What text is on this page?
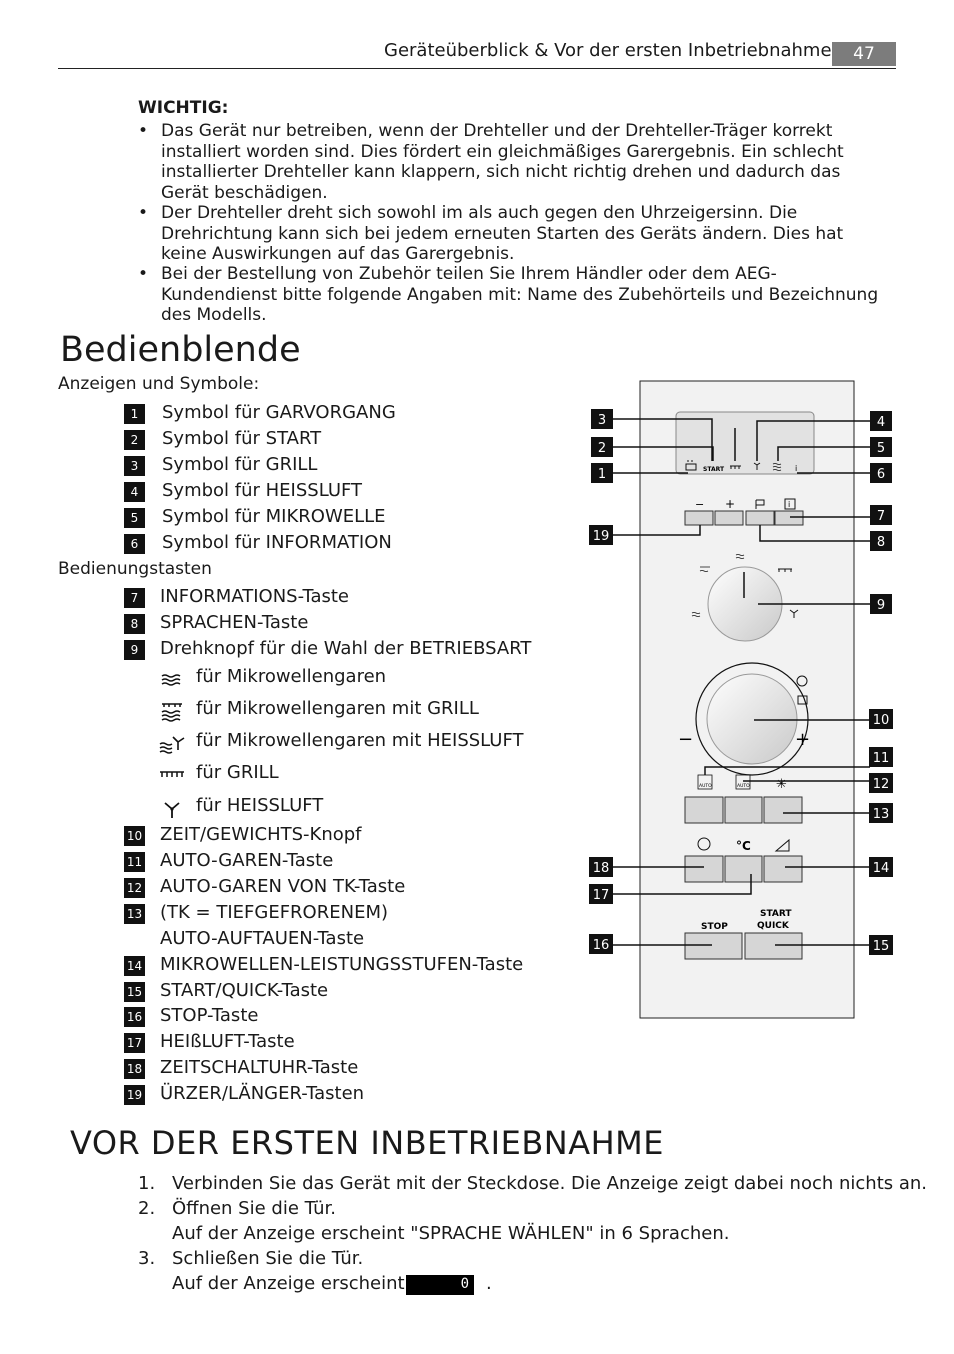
Geräteüberblick & Vor der ersten Inbetriebnahme	47
WICHTIG:
• Das Gerät nur betreiben, wenn der Drehteller und der Drehteller-Träger korrekt
installiert worden sind. Dies fördert ein gleichmäßiges Garergebnis. Ein schlecht
installierter Drehteller kann klappern, sich nicht richtig drehen und dadurch das
Gerät beschädigen.
• Der Drehteller dreht sich sowohl im als auch gegen den Uhrzeigersinn. Die
Drehrichtung kann sich bei jedem erneuten Starten des Geräts ändern. Dies hat
keine Auswirkungen auf das Garergebnis.
• Bei der Bestellung von Zubehör teilen Sie Ihrem Händler oder dem AEG-
Kundendienst bitte folgende Angaben mit: Name des Zubehörteils und Bezeichnung
des Modells.
Bedienblende
Anzeigen und Symbole:
1	Symbol für GARVORGANG
2	Symbol für START
3	Symbol für GRILL
4	Symbol für HEISSLUFT
5	Symbol für MIKROWELLE
6	Symbol für INFORMATION
Bedienungstasten
7	INFORMATIONS-Taste
8	SPRACHEN-Taste
9	Drehknopf für die Wahl der BETRIEBSART
für Mikrowellengaren
für Mikrowellengaren mit GRILL
für Mikrowellengaren mit HEISSLUFT
für GRILL
für HEISSLUFT
10 ZEIT/GEWICHTS-Knopf
11 AUTO-GAREN-Taste
12 AUTO-GAREN VON TK-Taste
13 (TK = TIEFGEFRORENEM)
AUTO-AUFTAUEN-Taste
14 MIKROWELLEN-LEISTUNGSSTUFEN-Taste
15 START/QUICK-Taste
16 STOP-Taste
17 HEIßLUFT-Taste
18 ZEITSCHALTUHR-Taste
19 ÜRZER/LÄNGER-Tasten
START	i
− +	i
−	+
AUTO	AUTO ✳
°C
STOP
START
QUICK
3
2
1
19
18
17
16
4
5
6
7
8
9
10
11
12
13
14
15
VOR DER ERSTEN INBETRIEBNAHME
1. Verbinden Sie das Gerät mit der Steckdose. Die Anzeige zeigt dabei noch nichts an.
2. Öffnen Sie die Tür.
Auf der Anzeige erscheint "SPRACHE WÄHLEN" in 6 Sprachen.
3. Schließen Sie die Tür.
Auf der Anzeige erscheint	0 .
